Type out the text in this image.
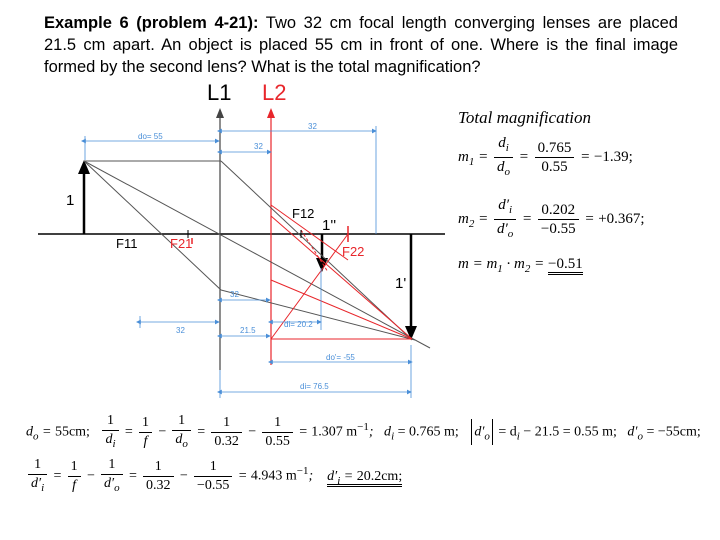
Example 6 (problem 4-21): Two 32 cm focal length converging lenses are placed 21.5 cm apart. An object is placed 55 cm in front of one. Where is the final image formed by the second lens? What is the total magnification?
L1 L2
do= 55
32
32
32
32	21.5
di= 20.2
do'= -55
di= 76.5
F11	F21
F12
F22
1
1'
1''
Total magnification
$m_1 = \frac{d_i}{d_o} = \frac{0.765}{0.55} = -1.39$;
$m_2 = \frac{d'_i}{d'_o} = \frac{0.202}{-0.55} = +0.367$;
$m = m_1 \cdot m_2 = -0.51$
$d_o = 55cm$; $\frac{1}{d_i} = \frac{1}{f} - \frac{1}{d_o} = \frac{1}{0.32} - \frac{1}{0.55} = 1.307$ $m^{-1}$;   $d_i = 0.765$ m; $d'_o = d_i - 21.5 = 0.55$ m;   $d'_o = -55cm$;
$\frac{1}{d'_i} = \frac{1}{f} - \frac{1}{d'_o} = \frac{1}{0.32} - \frac{1}{-0.55} = 4.943$ $m^{-1}$;    $d'_i = 20.2cm$;
